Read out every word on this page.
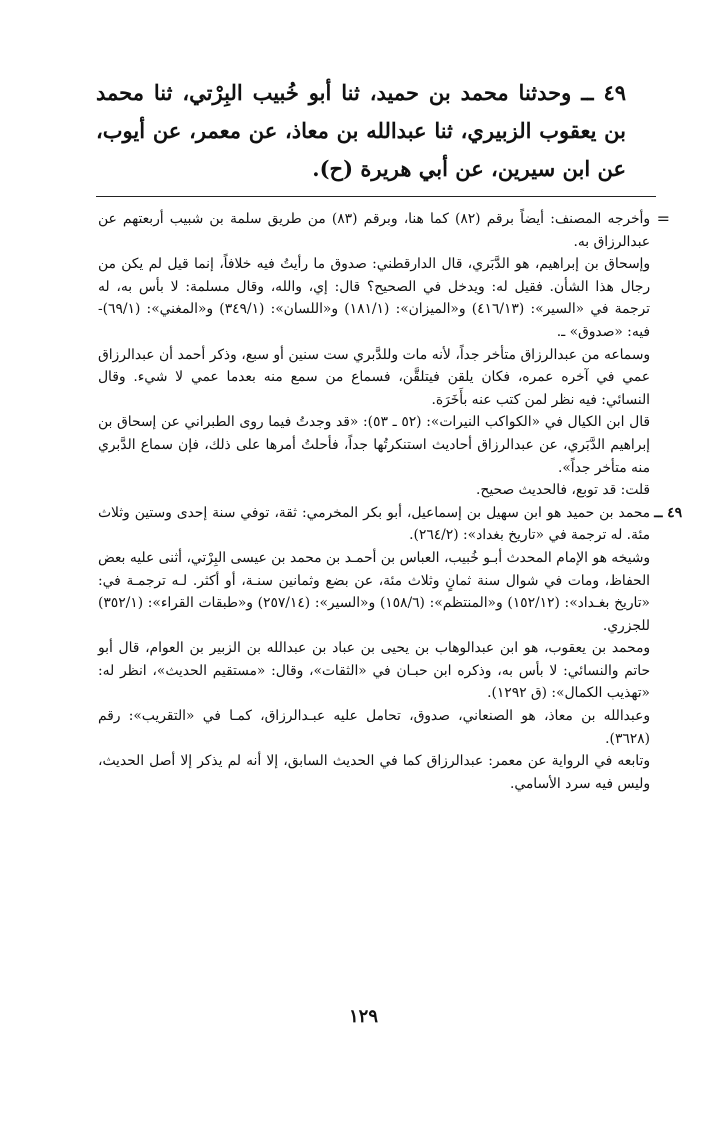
٤٩ ــ وحدثنا محمد بن حميد، ثنا أبو خُبيب البِرْتي، ثنا محمد بن يعقوب الزبيري، ثنا عبدالله بن معاذ، عن معمر، عن أيوب، عن ابن سيرين، عن أبي هريرة (ح).

=
وأخرجه المصنف: أيضاً برقم (٨٢) كما هنا، وبرقم (٨٣) من طريق سلمة بن شبيب أربعتهم عن عبدالرزاق به.

وإسحاق بن إبراهيم، هو الدَّبَري، قال الدارقطني: صدوق ما رأيتُ فيه خلافاً، إنما قيل لم يكن من رجال هذا الشأن. فقيل له: ويدخل في الصحيح؟ قال: إي، والله، وقال مسلمة: لا بأس به، له ترجمة في «السير»: (٤١٦/١٣) و«الميزان»: (١٨١/١) و«اللسان»: (٣٤٩/١) و«المغني»: (٦٩/١)- فيه: «صدوق» ـ.

وسماعه من عبدالرزاق متأخر جداً، لأنه مات وللدَّبري ست سنين أو سبع، وذكر أحمد أن عبدالرزاق عمي في آخره عمره، فكان يلقن فيتلقَّن، فسماع من سمع منه بعدما عمي لا شيء. وقال النسائي: فيه نظر لمن كتب عنه بأَخَرَة.

قال ابن الكيال في «الكواكب النيرات»: (٥٢ ـ ٥٣): «قد وجدتُ فيما روى الطبراني عن إسحاق بن إبراهيم الدَّبَري، عن عبدالرزاق أحاديث استنكرتُها جداً، فأحلتُ أمرها على ذلك، فإن سماع الدَّبري منه متأخر جداً».

قلت: قد توبع، فالحديث صحيح.

٤٩ ــ
محمد بن حميد هو ابن سهيل بن إسماعيل، أبو بكر المخرمي: ثقة، توفي سنة إحدى وستين وثلاث مئة. له ترجمة في «تاريخ بغداد»: (٢٦٤/٢).

وشيخه هو الإمام المحدث أبـو خُبيب، العباس بن أحمـد بن محمد بن عيسى البِرْتي، أثنى عليه بعض الحفاظ، ومات في شوال سنة ثمانٍ وثلاث مئة، عن بضع وثمانين سنـة، أو أكثر. لـه ترجمـة في: «تاريخ بغـداد»: (١٥٢/١٢) و«المنتظم»: (١٥٨/٦) و«السير»: (٢٥٧/١٤) و«طبقات القراء»: (٣٥٢/١) للجزري.

ومحمد بن يعقوب، هو ابن عبدالوهاب بن يحيى بن عباد بن عبدالله بن الزبير بن العوام، قال أبو حاتم والنسائي: لا بأس به، وذكره ابن حبـان في «الثقات»، وقال: «مستقيم الحديث»، انظر له: «تهذيب الكمال»: (ق ١٢٩٢).

وعبدالله بن معاذ، هو الصنعاني، صدوق، تحامل عليه عبـدالرزاق، كمـا في «التقريب»: رقم (٣٦٢٨).

وتابعه في الرواية عن معمر: عبدالرزاق كما في الحديث السابق، إلا أنه لم يذكر إلا أصل الحديث، وليس فيه سرد الأسامي.

١٢٩
